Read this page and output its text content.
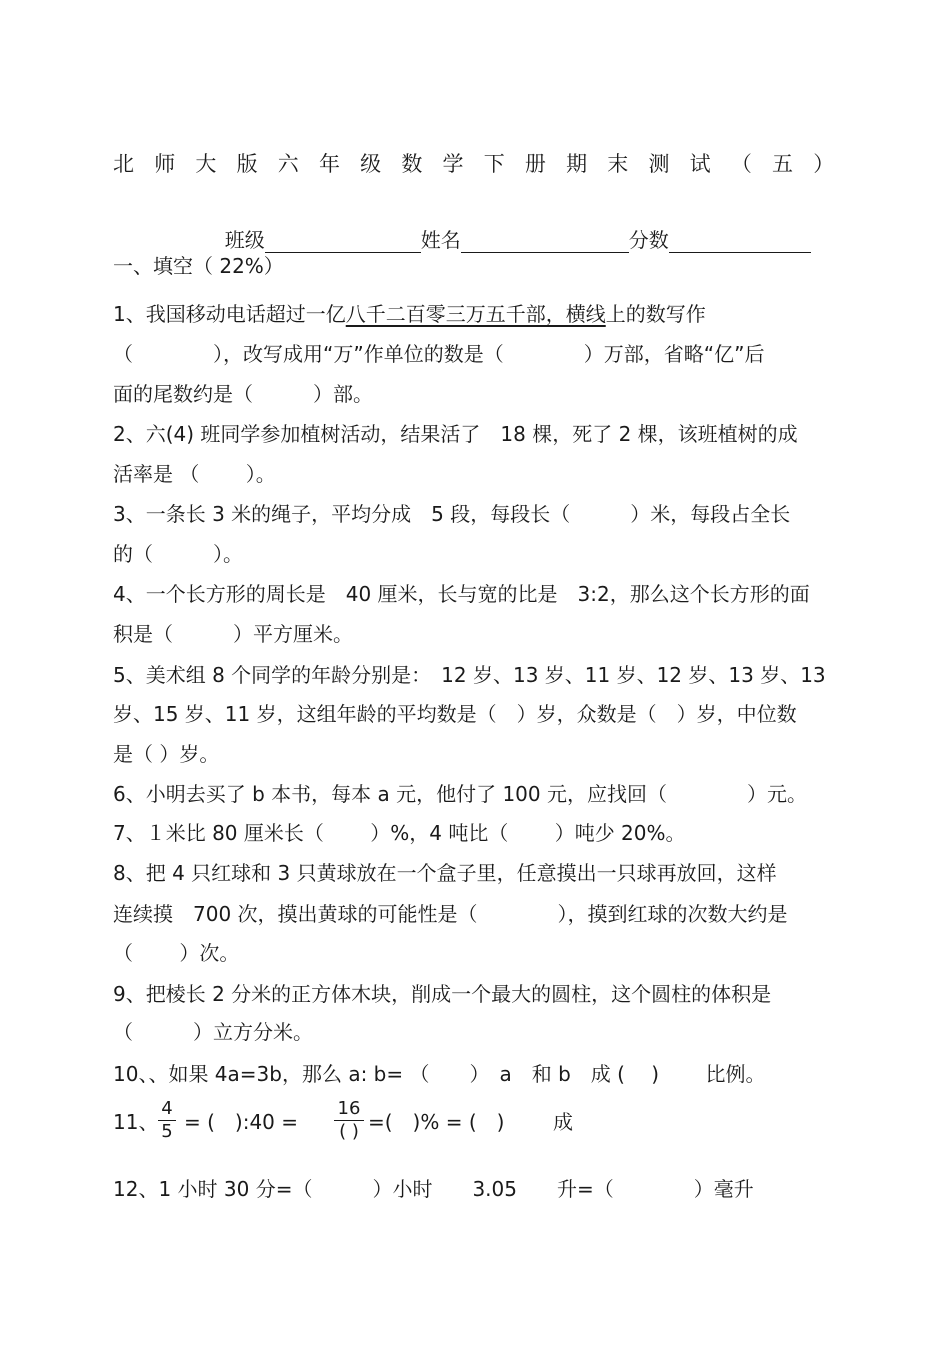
北 师 大 版 六 年 级 数 学 下 册 期 末 测 试 （ 五 ）

班级	姓名	分数

一、填空（ 22%）
1、我国移动电话超过一亿八千二百零三万五千部，横线上的数写作
（　　　　），改写成用“万”作单位的数是（　　　　）万部，省略“亿”后
面的尾数约是（　　　）部。
2、六(4) 班同学参加植树活动，结果活了　18 棵，死了 2 棵，该班植树的成
活率是 （　　 ）。
3、一条长 3 米的绳子，平均分成　5 段，每段长（　　　）米，每段占全长
的（　　　）。
4、一个长方形的周长是　40 厘米，长与宽的比是　3:2，那么这个长方形的面
积是（　　　）平方厘米。
5、美术组 8 个同学的年龄分别是：　12 岁、13 岁、11 岁、12 岁、13 岁、13
岁、15 岁、11 岁，这组年龄的平均数是（　）岁，众数是（　）岁，中位数
是（ ）岁。
6、小明去买了 b 本书，每本 a 元，他付了 100 元，应找回（　　　　）元。
7、１米比 80 厘米长（　　 ）%，4 吨比（　　 ）吨少 20%。
8、把 4 只红球和 3 只黄球放在一个盒子里，任意摸出一只球再放回，这样
连续摸　700 次，摸出黄球的可能性是（　　　　），摸到红球的次数大约是
（　　 ）次。
9、把棱长 2 分米的正方体木块，削成一个最大的圆柱，这个圆柱的体积是
（　　　）立方分米。
10、、如果 4a=3b，那么 a: b= （　　）　a　和 b　成 (　 )　　 比例。
11、 $\frac{4}{5}$ = (　):40 =
16
( ) =(　)% = (　) 成
12、1 小时 30 分=（　　　）小时　　3.05　　升=（　　　　）毫升
